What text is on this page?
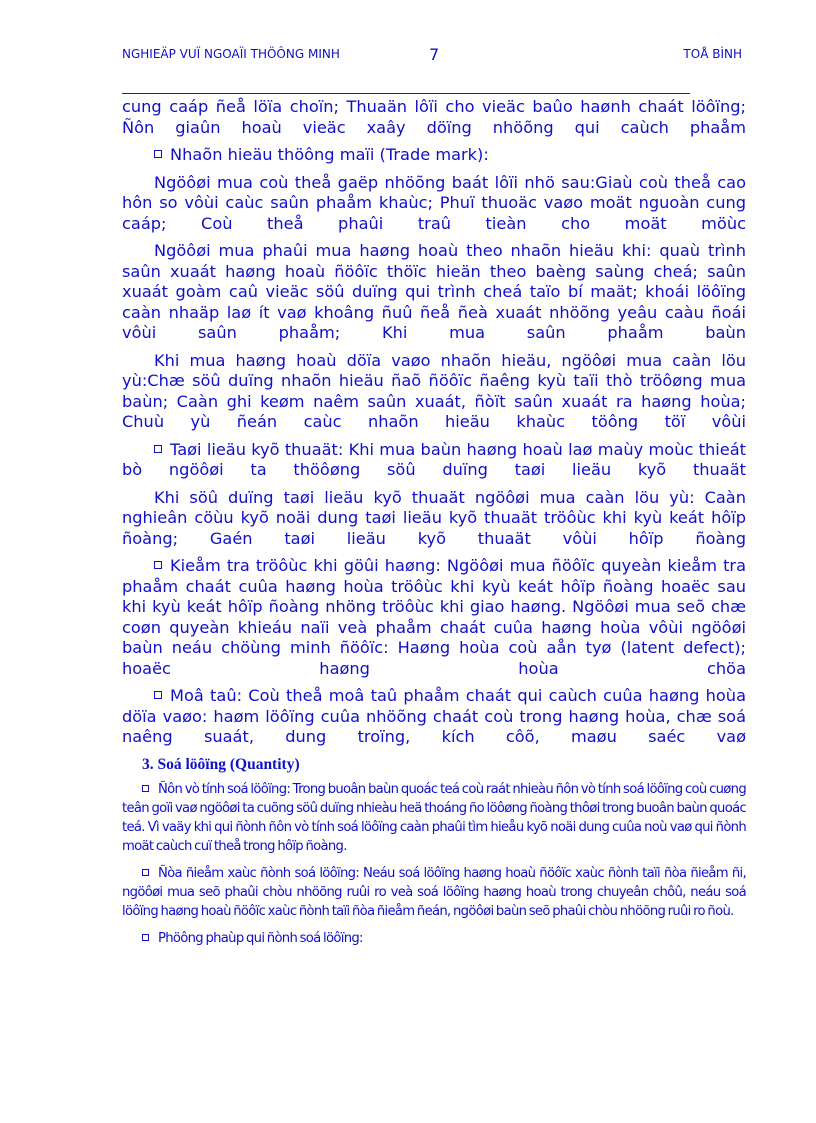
NGHIEÄP VUÏ NGOAÏI THÖÔNG MINH	7	TOÅ BÌNH

cung caáp ñeå löïa choïn; Thuaän lôïi cho vieäc baûo haønh chaát löôïng; Ñôn giaûn hoaù vieäc xaây döïng nhöõng qui caùch phaåm

Nhaõn hieäu thöông maïi (Trade mark):

Ngöôøi mua coù theå gaëp nhöõng baát lôïi nhö sau:Giaù coù theå cao hôn so vôùi caùc saûn phaåm khaùc; Phuï thuoäc vaøo moät nguoàn cung caáp; Coù theå phaûi traû tieàn cho moät möùc

Ngöôøi mua phaûi mua haøng hoaù theo nhaõn hieäu khi: quaù trình saûn xuaát haøng hoaù ñöôïc thöïc hieän theo baèng saùng cheá; saûn xuaát goàm caû vieäc söû duïng qui trình cheá taïo bí maät; khoái löôïng caàn nhaäp laø ít vaø khoâng ñuû ñeå ñeà xuaát nhöõng yeâu caàu ñoái vôùi saûn phaåm; Khi mua saûn phaåm baùn

Khi mua haøng hoaù döïa vaøo nhaõn hieäu, ngöôøi mua caàn löu yù:Chæ söû duïng nhaõn hieäu ñaõ ñöôïc ñaêng kyù taïi thò tröôøng mua baùn; Caàn ghi keøm naêm saûn xuaát, ñòït saûn xuaát ra haøng hoùa; Chuù yù ñeán caùc nhaõn hieäu khaùc töông töï vôùi

Taøi lieäu kyõ thuaät: Khi mua baùn haøng hoaù laø maùy moùc thieát bò ngöôøi ta thöôøng söû duïng taøi lieäu kyõ thuaät

Khi söû duïng taøi lieäu kyõ thuaät ngöôøi mua caàn löu yù: Caàn nghieân cöùu kyõ noäi dung taøi lieäu kyõ thuaät tröôùc khi kyù keát hôïp ñoàng; Gaén taøi lieäu kyõ thuaät vôùi hôïp ñoàng

Kieåm tra tröôùc khi göûi haøng: Ngöôøi mua ñöôïc quyeàn kieåm tra phaåm chaát cuûa haøng hoùa tröôùc khi kyù keát hôïp ñoàng hoaëc sau khi kyù keát hôïp ñoàng nhöng tröôùc khi giao haøng. Ngöôøi mua seõ chæ coøn quyeàn khieáu naïi veà phaåm chaát cuûa haøng hoùa vôùi ngöôøi baùn neáu chöùng minh ñöôïc: Haøng hoùa coù aån tyø (latent defect); hoaëc haøng hoùa chöa

Moâ taû: Coù theå moâ taû phaåm chaát qui caùch cuûa haøng hoùa döïa vaøo: haøm löôïng cuûa nhöõng chaát coù trong haøng hoùa, chæ soá naêng suaát, dung troïng, kích côõ, maøu saéc vaø

3. Soá löôïng (Quantity)

Ñôn vò tính soá löôïng: Trong buoân baùn quoác teá coù raát nhieàu ñôn vò tính soá löôïng coù cuøng teân goïi vaø ngöôøi ta cuõng söû duïng nhieàu heä thoáng ño löôøng ñoàng thôøi trong buoân baùn quoác teá. Vì vaäy khi qui ñònh ñôn vò tính soá löôïng caàn phaûi tìm hieåu kyõ noäi dung cuûa noù vaø qui ñònh moät caùch cuï theå trong hôïp ñoàng.

Ñòa ñieåm xaùc ñònh soá löôïng: Neáu soá löôïng haøng hoaù ñöôïc xaùc ñònh taïi ñòa ñieåm ñi, ngöôøi mua seõ phaûi chòu nhöõng ruûi ro veà soá löôïng haøng hoaù trong chuyeân chôû, neáu soá löôïng haøng hoaù ñöôïc xaùc ñònh taïi ñòa ñieåm ñeán, ngöôøi baùn seõ phaûi chòu nhöõng ruûi ro ñoù.

Phöông phaùp qui ñònh soá löôïng:
